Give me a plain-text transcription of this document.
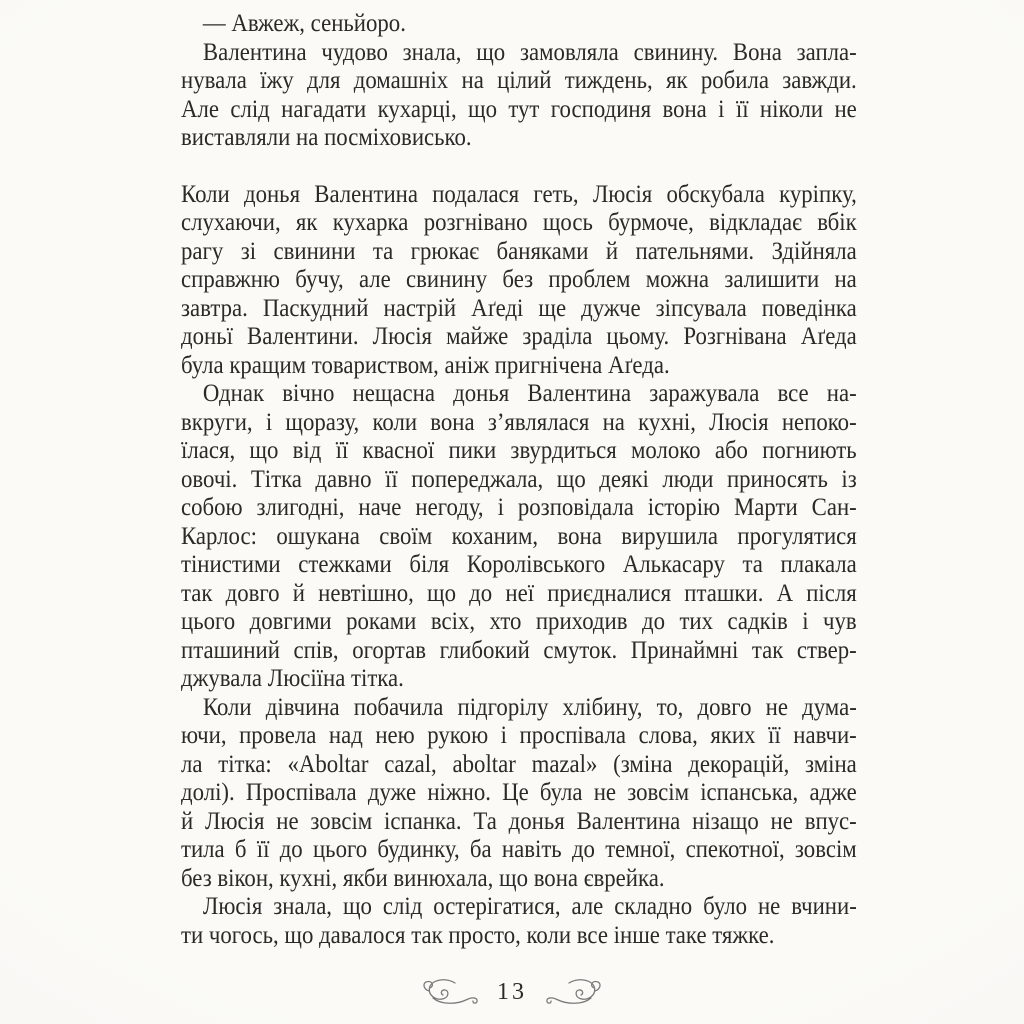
— Авжеж, сеньйоро.
Валентина чудово знала, що замовляла свинину. Вона запла-
нувала їжу для домашніх на цілий тиждень, як робила завжди.
Але слід нагадати кухарці, що тут господиня вона і її ніколи не
виставляли на посміховисько.
Коли донья Валентина подалася геть, Люсія обскубала куріпку,
слухаючи, як кухарка розгнівано щось бурмоче, відкладає вбік
рагу зі свинини та грюкає баняками й пательнями. Здійняла
справжню бучу, але свинину без проблем можна залишити на
завтра. Паскудний настрій Аґеді ще дужче зіпсувала поведінка
доньї Валентини. Люсія майже зраділа цьому. Розгнівана Аґеда
була кращим товариством, аніж пригнічена Аґеда.
Однак вічно нещасна донья Валентина заражувала все на-
вкруги, і щоразу, коли вона з’являлася на кухні, Люсія непоко-
їлася, що від її квасної пики звурдиться молоко або погниють
овочі. Тітка давно її попереджала, що деякі люди приносять із
собою злигодні, наче негоду, і розповідала історію Марти Сан-
Карлос: ошукана своїм коханим, вона вирушила прогулятися
тінистими стежками біля Королівського Алькасару та плакала
так довго й невтішно, що до неї приєдналися пташки. А після
цього довгими роками всіх, хто приходив до тих садків і чув
пташиний спів, огортав глибокий смуток. Принаймні так ствер-
джувала Люсіїна тітка.
Коли дівчина побачила підгорілу хлібину, то, довго не дума-
ючи, провела над нею рукою і проспівала слова, яких її навчи-
ла тітка: «Aboltar cazal, aboltar mazal» (зміна декорацій, зміна
долі). Проспівала дуже ніжно. Це була не зовсім іспанська, адже
й Люсія не зовсім іспанка. Та донья Валентина нізащо не впус-
тила б її до цього будинку, ба навіть до темної, спекотної, зовсім
без вікон, кухні, якби винюхала, що вона єврейка.
Люсія знала, що слід остерігатися, але складно було не вчини-
ти чогось, що давалося так просто, коли все інше таке тяжке.
13
